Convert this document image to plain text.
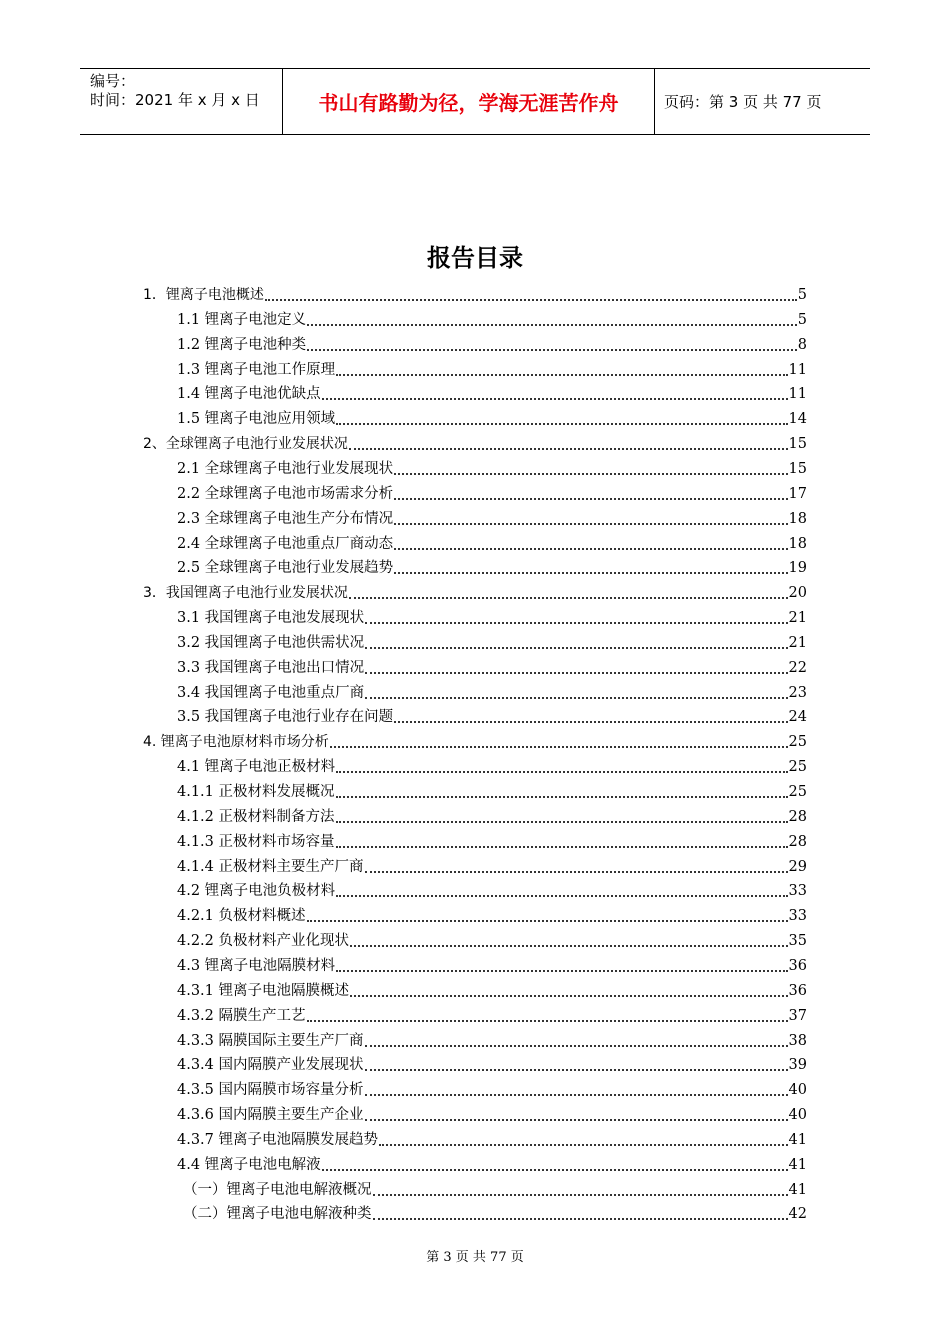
编号：
时间：2021 年 x 月 x 日	书山有路勤为径，学海无涯苦作舟	页码：第 3 页 共 77 页
报告目录
1．锂离子电池概述	5
1.1 锂离子电池定义	5
1.2 锂离子电池种类	8
1.3 锂离子电池工作原理	11
1.4 锂离子电池优缺点	11
1.5 锂离子电池应用领域	14
2、全球锂离子电池行业发展状况	15
2.1 全球锂离子电池行业发展现状	15
2.2 全球锂离子电池市场需求分析	17
2.3 全球锂离子电池生产分布情况	18
2.4 全球锂离子电池重点厂商动态	18
2.5 全球锂离子电池行业发展趋势	19
3．我国锂离子电池行业发展状况	20
3.1 我国锂离子电池发展现状	21
3.2 我国锂离子电池供需状况	21
3.3 我国锂离子电池出口情况	22
3.4 我国锂离子电池重点厂商	23
3.5 我国锂离子电池行业存在问题	24
4. 锂离子电池原材料市场分析	25
4.1 锂离子电池正极材料	25
4.1.1 正极材料发展概况	25
4.1.2 正极材料制备方法	28
4.1.3 正极材料市场容量	28
4.1.4 正极材料主要生产厂商	29
4.2 锂离子电池负极材料	33
4.2.1 负极材料概述	33
4.2.2 负极材料产业化现状	35
4.3 锂离子电池隔膜材料	36
4.3.1 锂离子电池隔膜概述	36
4.3.2 隔膜生产工艺	37
4.3.3 隔膜国际主要生产厂商	38
4.3.4 国内隔膜产业发展现状	39
4.3.5 国内隔膜市场容量分析	40
4.3.6 国内隔膜主要生产企业	40
4.3.7 锂离子电池隔膜发展趋势	41
4.4 锂离子电池电解液	41
（一）锂离子电池电解液概况	41
（二）锂离子电池电解液种类	42
第 3 页 共 77 页
